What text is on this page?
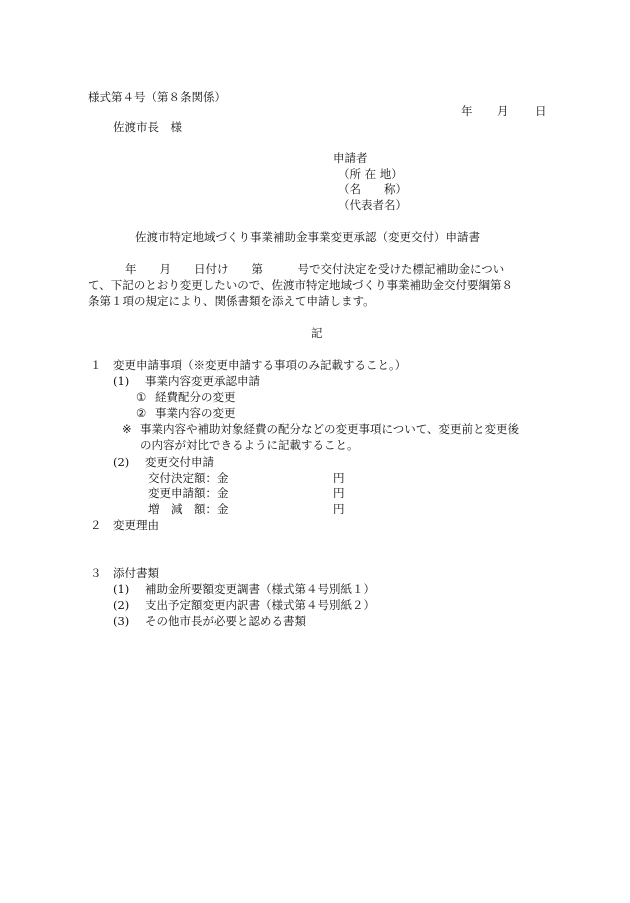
様式第４号（第８条関係）
年 月 日
佐渡市長　様
申請者
（所 在 地）
（名　　称）
（代表者名）
佐渡市特定地域づくり事業補助金事業変更承認（変更交付）申請書
年　　月　　日付け　　第　　　号で交付決定を受けた標記補助金につい
て、下記のとおり変更したいので、佐渡市特定地域づくり事業補助金交付要綱第８
条第１項の規定により、関係書類を添えて申請します。
記
１ 変更申請事項（※変更申請する事項のみ記載すること。）
(1) 事業内容変更承認申請
① 経費配分の変更
② 事業内容の変更
※ 事業内容や補助対象経費の配分などの変更事項について、変更前と変更後
の内容が対比できるように記載すること。
(2) 変更交付申請
交付決定額：金	円
変更申請額：金	円
増　減　額：金	円
２ 変更理由
３ 添付書類
(1) 補助金所要額変更調書（様式第４号別紙１）
(2) 支出予定額変更内訳書（様式第４号別紙２）
(3) その他市長が必要と認める書類
